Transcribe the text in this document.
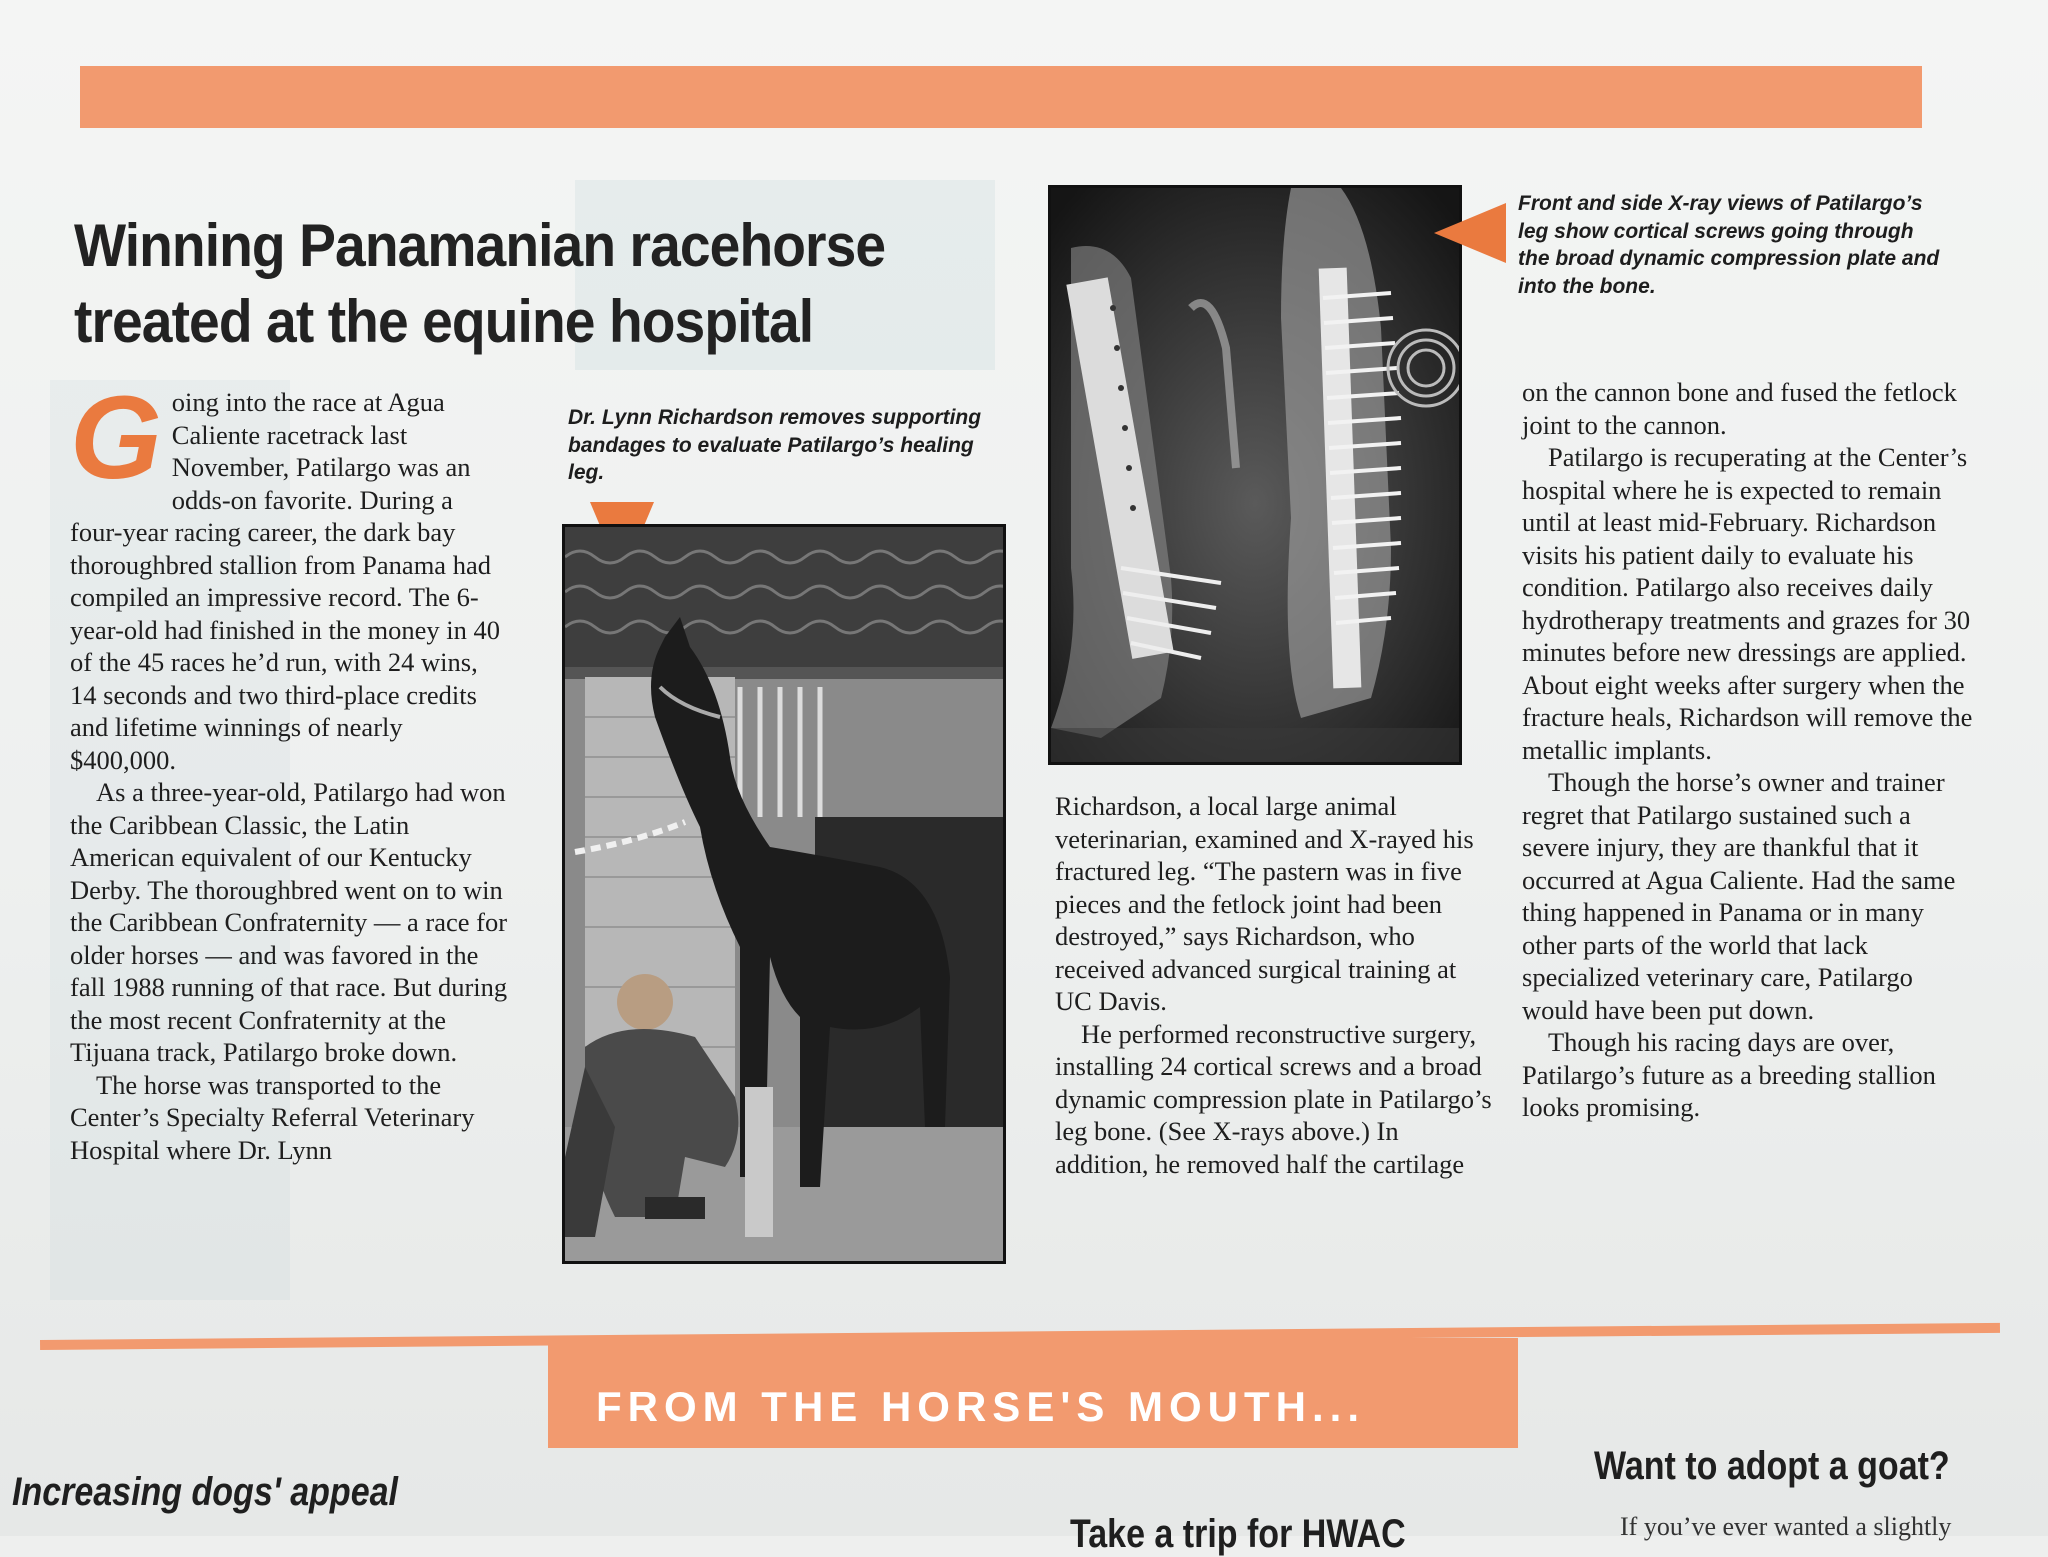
Winning Panamanian racehorse treated at the equine hospital
G oing into the race at Agua Caliente racetrack last November, Patilargo was an odds-on favorite. During a four-year racing career, the dark bay thoroughbred stallion from Panama had compiled an impressive record. The 6-year-old had finished in the money in 40 of the 45 races he’d run, with 24 wins, 14 seconds and two third-place credits and lifetime winnings of nearly $400,000.

As a three-year-old, Patilargo had won the Caribbean Classic, the Latin American equivalent of our Kentucky Derby. The thoroughbred went on to win the Caribbean Confraternity — a race for older horses — and was favored in the fall 1988 running of that race. But during the most recent Confraternity at the Tijuana track, Patilargo broke down.

The horse was transported to the Center’s Specialty Referral Veterinary Hospital where Dr. Lynn

Dr. Lynn Richardson removes supporting bandages to evaluate Patilargo’s healing leg.
Front and side X-ray views of Patilargo’s leg show cortical screws going through the broad dynamic compression plate and into the bone.

Richardson, a local large animal veterinarian, examined and X-rayed his fractured leg. “The pastern was in five pieces and the fetlock joint had been destroyed,” says Richardson, who received advanced surgical training at UC Davis.

He performed reconstructive surgery, installing 24 cortical screws and a broad dynamic compression plate in Patilargo’s leg bone. (See X-rays above.) In addition, he removed half the cartilage

on the cannon bone and fused the fetlock joint to the cannon.

Patilargo is recuperating at the Center’s hospital where he is expected to remain until at least mid-February. Richardson visits his patient daily to evaluate his condition. Patilargo also receives daily hydrotherapy treatments and grazes for 30 minutes before new dressings are applied. About eight weeks after surgery when the fracture heals, Richardson will remove the metallic implants.

Though the horse’s owner and trainer regret that Patilargo sustained such a severe injury, they are thankful that it occurred at Agua Caliente. Had the same thing happened in Panama or in many other parts of the world that lack specialized veterinary care, Patilargo would have been put down.

Though his racing days are over, Patilargo’s future as a breeding stallion looks promising.

FROM THE HORSE'S MOUTH...
Increasing dogs' appeal
Take a trip for HWAC
Want to adopt a goat?
If you’ve ever wanted a slightly
